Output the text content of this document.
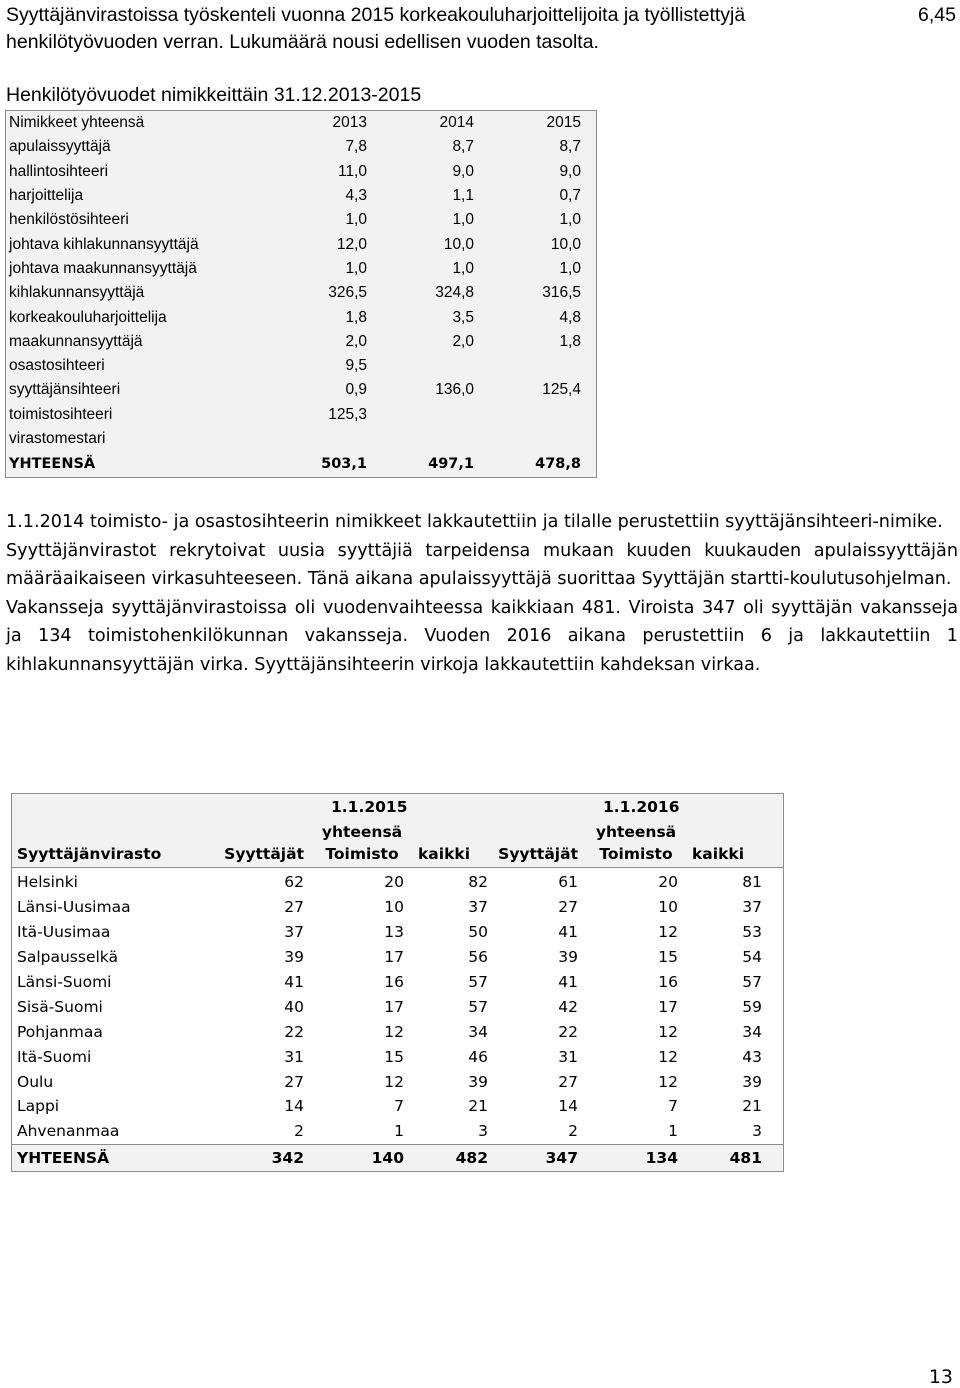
Syyttäjänvirastoissa työskenteli vuonna 2015 korkeakouluharjoittelijoita ja työllistettyjä henkilötyövuoden verran. Lukumäärä nousi edellisen vuoden tasolta.
6,45
Henkilötyövuodet nimikkeittäin 31.12.2013-2015
Nimikkeet yhteensä	2013	2014	2015
apulaissyyttäjä	7,8	8,7	8,7
hallintosihteeri	11,0	9,0	9,0
harjoittelija	4,3	1,1	0,7
henkilöstösihteeri	1,0	1,0	1,0
johtava kihlakunnansyyttäjä	12,0	10,0	10,0
johtava maakunnansyyttäjä	1,0	1,0	1,0
kihlakunnansyyttäjä	326,5	324,8	316,5
korkeakouluharjoittelija	1,8	3,5	4,8
maakunnansyyttäjä	2,0	2,0	1,8
osastosihteeri	9,5
syyttäjänsihteeri	0,9	136,0	125,4
toimistosihteeri	125,3
virastomestari
YHTEENSÄ	503,1	497,1	478,8

1.1.2014 toimisto- ja osastosihteerin nimikkeet lakkautettiin ja tilalle perustettiin syyttäjänsihteeri-nimike.

Syyttäjänvirastot rekrytoivat uusia syyttäjiä tarpeidensa mukaan kuuden kuukauden apulaissyyttäjän määräaikaiseen virkasuhteeseen. Tänä aikana apulaissyyttäjä suorittaa Syyttäjän startti-koulutusohjelman.

Vakansseja syyttäjänvirastoissa oli vuodenvaihteessa kaikkiaan 481. Viroista 347 oli syyttäjän vakansseja ja 134 toimistohenkilökunnan vakansseja. Vuoden 2016 aikana perustettiin 6 ja lakkautettiin 1 kihlakunnansyyttäjän virka. Syyttäjänsihteerin virkoja lakkautettiin kahdeksan virkaa.

1.1.2015	1.1.2016
yhteensä	yhteensä
Syyttäjänvirasto	Syyttäjät	Toimisto	kaikki	Syyttäjät	Toimisto	kaikki
Helsinki	62	20	82	61	20	81
Länsi-Uusimaa	27	10	37	27	10	37
Itä-Uusimaa	37	13	50	41	12	53
Salpausselkä	39	17	56	39	15	54
Länsi-Suomi	41	16	57	41	16	57
Sisä-Suomi	40	17	57	42	17	59
Pohjanmaa	22	12	34	22	12	34
Itä-Suomi	31	15	46	31	12	43
Oulu	27	12	39	27	12	39
Lappi	14	7	21	14	7	21
Ahvenanmaa	2	1	3	2	1	3
YHTEENSÄ	342	140	482	347	134	481
13
